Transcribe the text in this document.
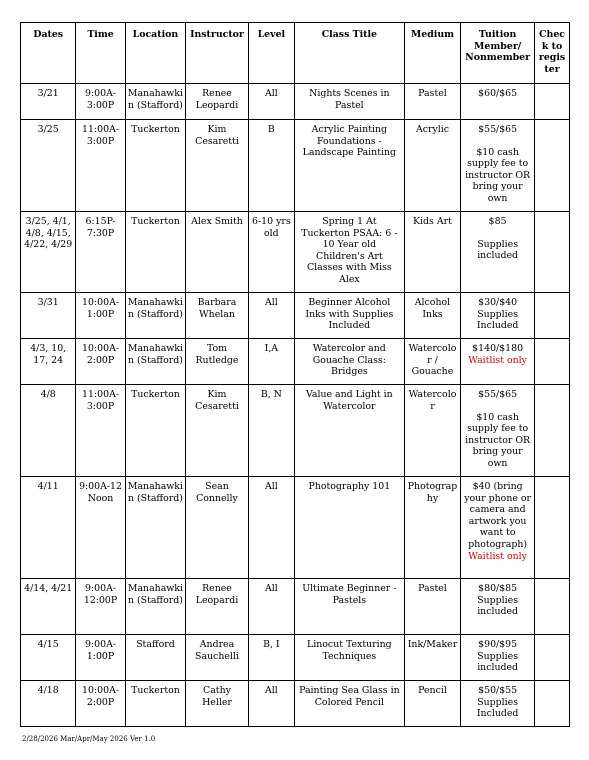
Dates	Time	Location	Instructor	Level	Class Title	Medium	Tuition Member/ Nonmember	Chec k to regis ter
3/21	9:00A-3:00P	Manahawkin (Stafford)	Renee Leopardi	All	Nights Scenes in Pastel	Pastel	$60/$65	
3/25	11:00A-3:00P	Tuckerton	Kim Cesaretti	B	Acrylic Painting Foundations - Landscape Painting	Acrylic	$55/$65
$10 cash supply fee to instructor OR bring your own	
3/25, 4/1, 4/8, 4/15, 4/22, 4/29	6:15P-7:30P	Tuckerton	Alex Smith	6-10 yrs old	Spring 1 At Tuckerton PSAA: 6 - 10 Year old Children's Art Classes with Miss Alex	Kids Art	$85
Supplies included	
3/31	10:00A-1:00P	Manahawkin (Stafford)	Barbara Whelan	All	Beginner Alcohol Inks with Supplies Included	Alcohol Inks	$30/$40 Supplies Included	
4/3, 10, 17, 24	10:00A-2:00P	Manahawkin (Stafford)	Tom Rutledge	I,A	Watercolor and Gouache Class: Bridges	Watercolor / Gouache	$140/$180
Waitlist only	
4/8	11:00A-3:00P	Tuckerton	Kim Cesaretti	B, N	Value and Light in Watercolor	Watercolor	$55/$65
$10 cash supply fee to instructor OR bring your own	
4/11	9:00A-12 Noon	Manahawkin (Stafford)	Sean Connelly	All	Photography 101	Photograp hy	$40 (bring your phone or camera and artwork you want to photograph)
Waitlist only	
4/14, 4/21	9:00A-12:00P	Manahawkin (Stafford)	Renee Leopardi	All	Ultimate Beginner - Pastels	Pastel	$80/$85 Supplies included	
4/15	9:00A-1:00P	Stafford	Andrea Sauchelli	B, I	Linocut Texturing Techniques	Ink/Maker	$90/$95 Supplies included	
4/18	10:00A-2:00P	Tuckerton	Cathy Heller	All	Painting Sea Glass in Colored Pencil	Pencil	$50/$55 Supplies Included	
2/28/2026 Mar/Apr/May 2026 Ver 1.0
